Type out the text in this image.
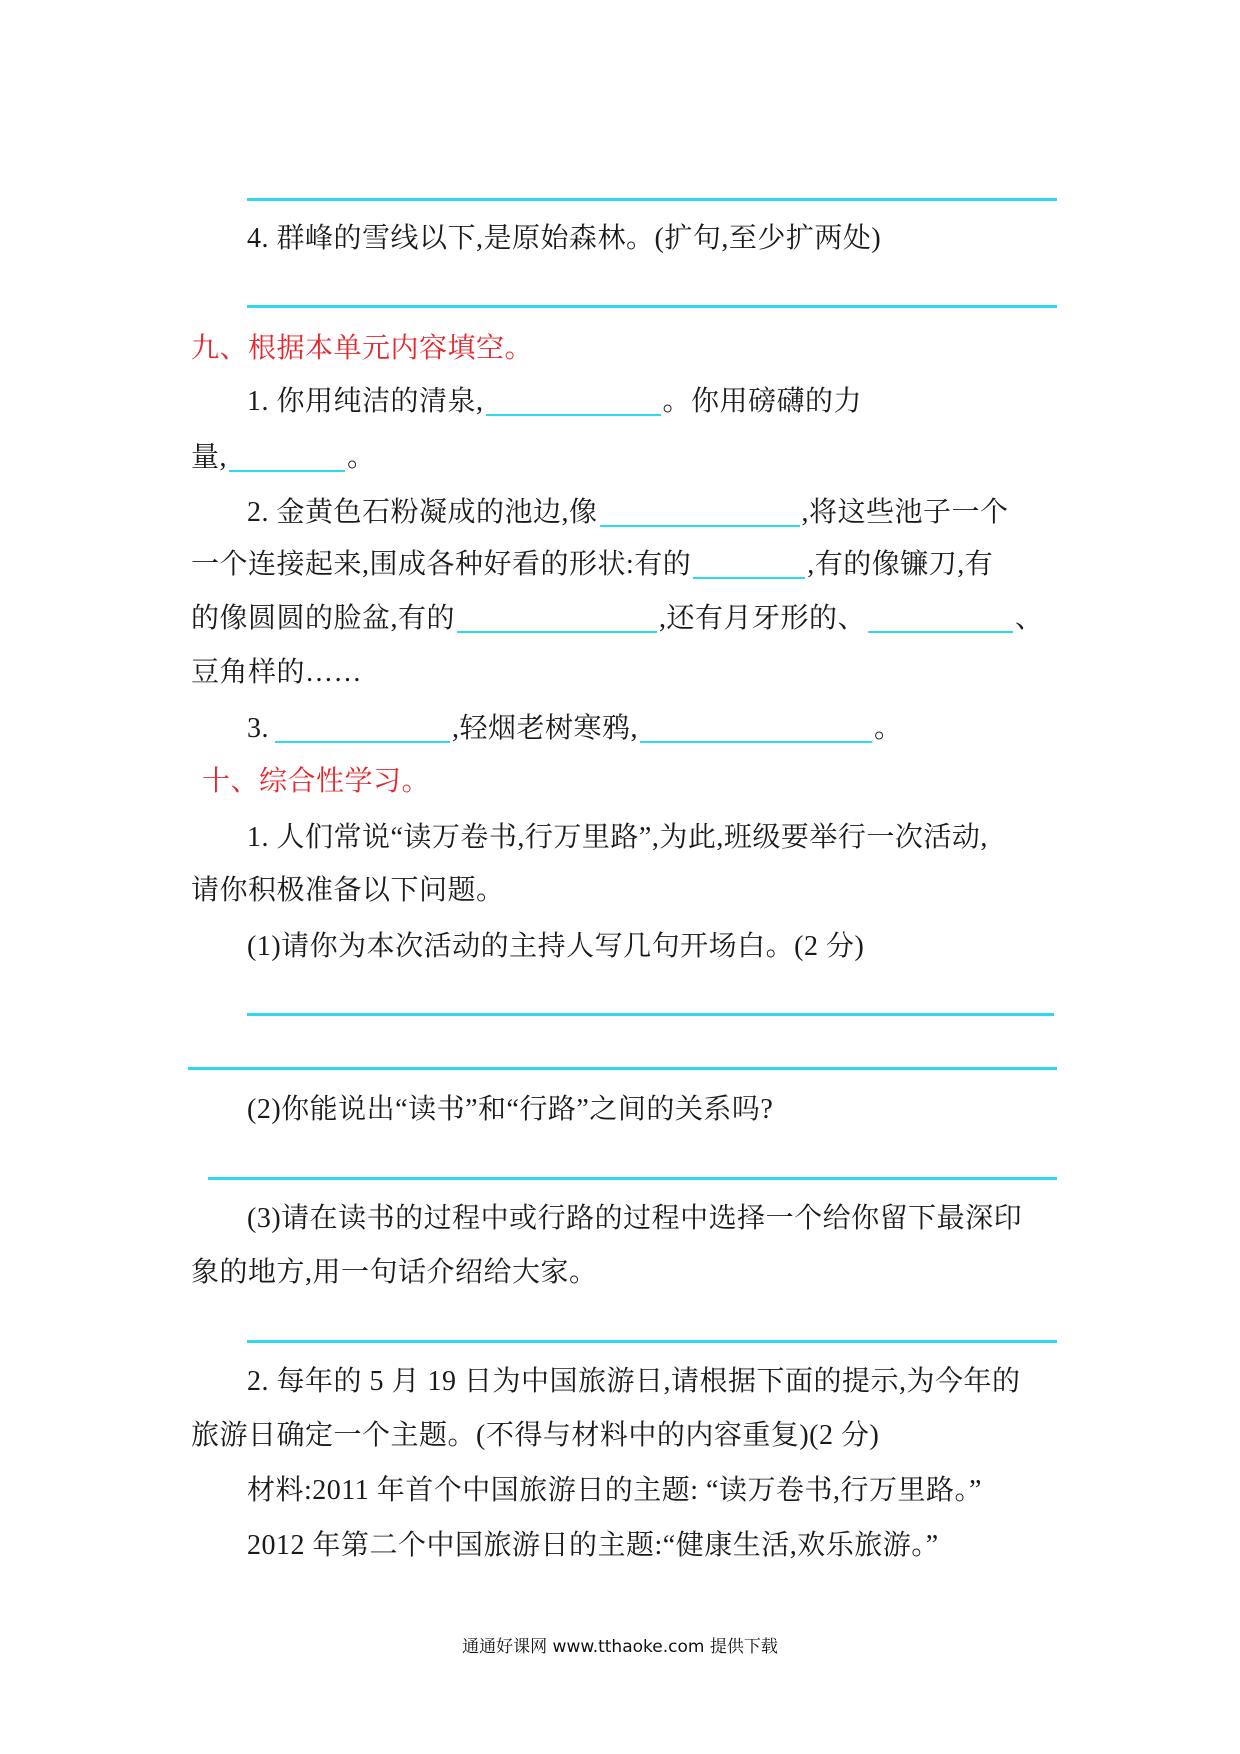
4. 群峰的雪线以下,是原始森林。(扩句,至少扩两处)
九、根据本单元内容填空。
1. 你用纯洁的清泉,	。你用磅礴的力
量,	。
2. 金黄色石粉凝成的池边,像	,将这些池子一个
一个连接起来,围成各种好看的形状:有的	,有的像镰刀,有
的像圆圆的脸盆,有的	,还有月牙形的、	、
豆角样的……
3.	,轻烟老树寒鸦,	。
十、综合性学习。
1. 人们常说“读万卷书,行万里路”,为此,班级要举行一次活动,
请你积极准备以下问题。
(1)请你为本次活动的主持人写几句开场白。(2 分)
(2)你能说出“读书”和“行路”之间的关系吗?
(3)请在读书的过程中或行路的过程中选择一个给你留下最深印
象的地方,用一句话介绍给大家。
2. 每年的 5 月 19 日为中国旅游日,请根据下面的提示,为今年的
旅游日确定一个主题。(不得与材料中的内容重复)(2 分)
材料:2011 年首个中国旅游日的主题: “读万卷书,行万里路。”
2012 年第二个中国旅游日的主题:“健康生活,欢乐旅游。”
通通好课网 www.tthaoke.com 提供下载
